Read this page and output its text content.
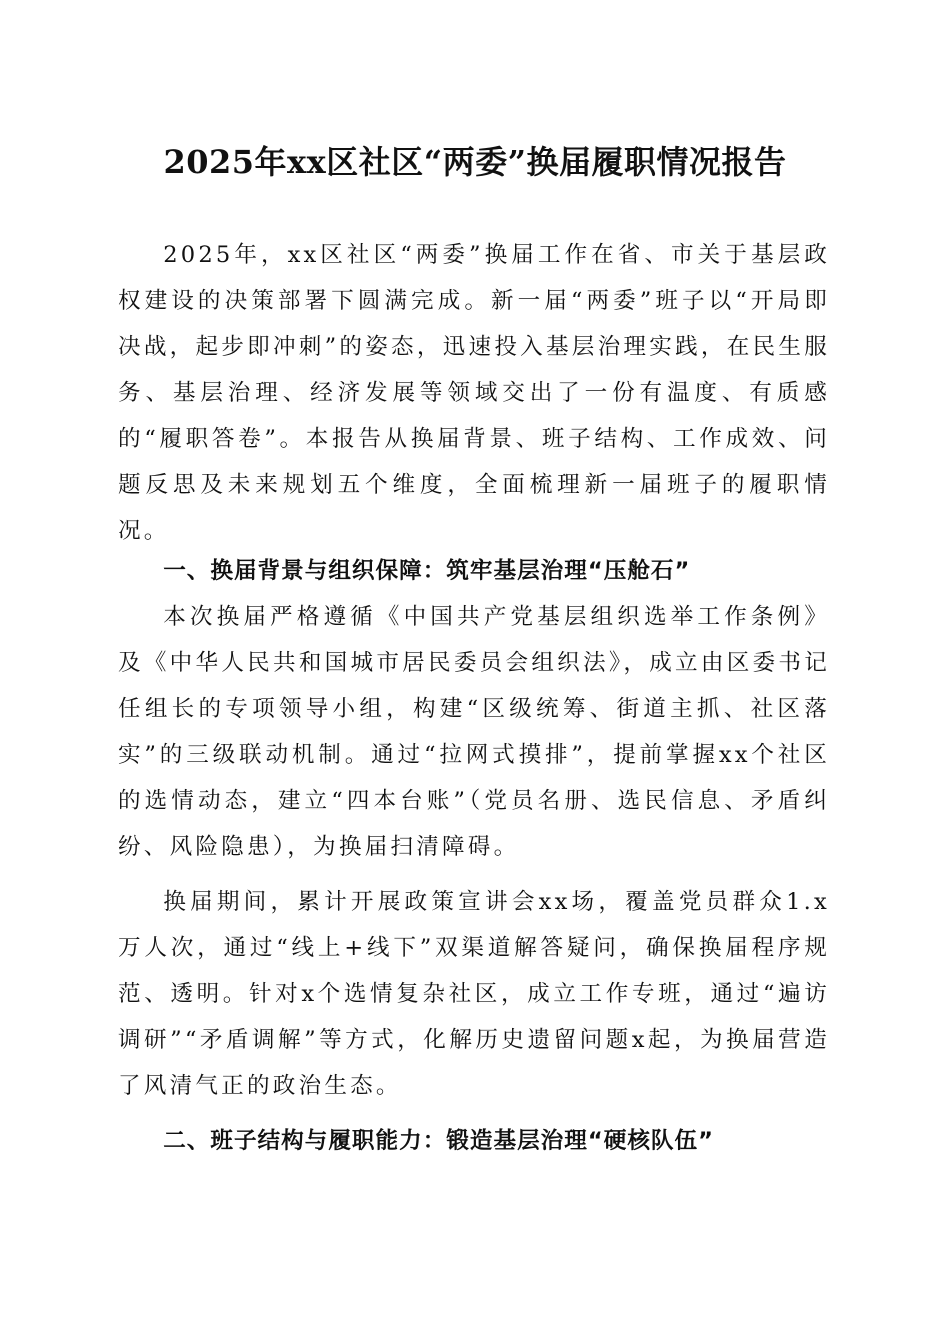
2025年xx区社区“两委”换届履职情况报告

2025年，xx区社区“两委”换届工作在省、市关于基层政权建设的决策部署下圆满完成。新一届“两委”班子以“开局即决战，起步即冲刺”的姿态，迅速投入基层治理实践，在民生服务、基层治理、经济发展等领域交出了一份有温度、有质感的“履职答卷”。本报告从换届背景、班子结构、工作成效、问题反思及未来规划五个维度，全面梳理新一届班子的履职情况。

一、换届背景与组织保障：筑牢基层治理“压舱石”

本次换届严格遵循《中国共产党基层组织选举工作条例》及《中华人民共和国城市居民委员会组织法》，成立由区委书记任组长的专项领导小组，构建“区级统筹、街道主抓、社区落实”的三级联动机制。通过“拉网式摸排”，提前掌握xx个社区的选情动态，建立“四本台账”（党员名册、选民信息、矛盾纠纷、风险隐患），为换届扫清障碍。

换届期间，累计开展政策宣讲会xx场，覆盖党员群众1.x万人次，通过“线上+线下”双渠道解答疑问，确保换届程序规范、透明。针对x个选情复杂社区，成立工作专班，通过“遍访调研”“矛盾调解”等方式，化解历史遗留问题x起，为换届营造了风清气正的政治生态。

二、班子结构与履职能力：锻造基层治理“硬核队伍”
